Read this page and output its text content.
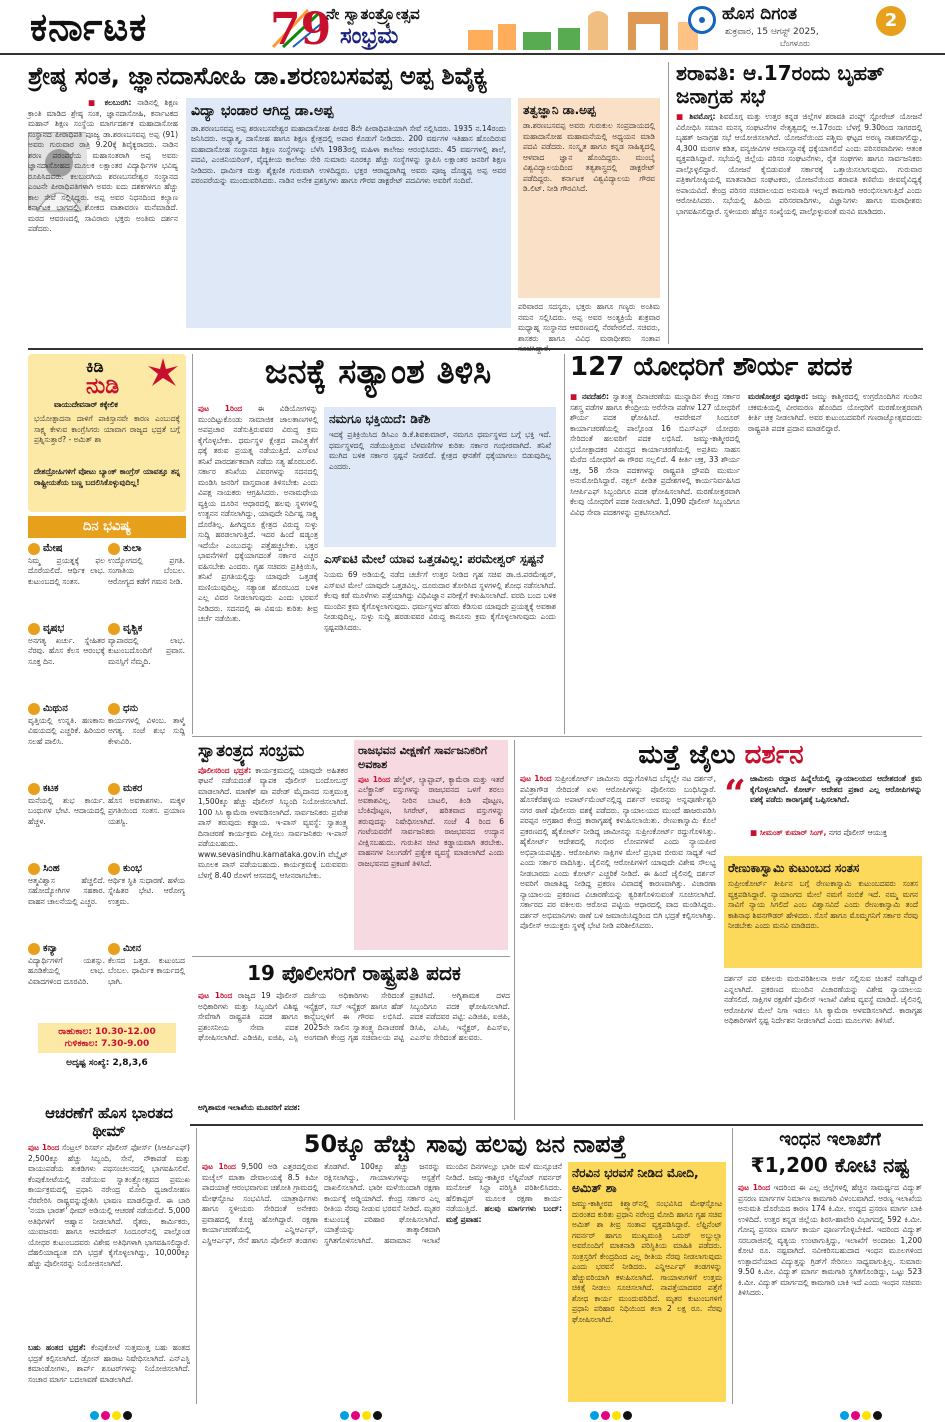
ಕರ್ನಾಟಕ	79
ನೇ ಸ್ವಾತಂತ್ರ್ಯೋತ್ಸವ
ಸಂಭ್ರಮ
ಹೊಸ ದಿಗಂತ
ಶುಕ್ರವಾರ, 15 ಆಗಸ್ಟ್ 2025,
ಬೆಂಗಳೂರು
2
ಶ್ರೇಷ್ಠ ಸಂತ, ಜ್ಞಾನದಾಸೋಹಿ ಡಾ.ಶರಣಬಸವಪ್ಪ ಅಪ್ಪ ಶಿವೈಕ್ಯ
■ ಕಲಬುರಗಿ: ನಾಡಿನಲ್ಲಿ ಶಿಕ್ಷಣ ಕ್ರಾಂತಿ ಮಾಡಿದ ಶ್ರೇಷ್ಠ ಸಂತ, ಜ್ಞಾನದಾಸೋಹಿ, ಕರ್ನಾಟಕದ ಮಹಾನ್ ಶಿಕ್ಷಣ ಸಂಸ್ಥೆಯ ಮಾರ್ಗದರ್ಶಕ ಮಹಾದಾಸೋಹ ಸಂಸ್ಥಾನದ ಪೀಠಾಧಿಪತಿ ಪೂಜ್ಯ ಡಾ.ಶರಣಬಸವಪ್ಪ ಅಪ್ಪ (91) ಅವರು ಗುರುವಾರ ರಾತ್ರಿ 9.20ಕ್ಕೆ ಶಿವೈಕ್ಯರಾದರು. ನಾಡಿನ ಶರಣ ಪರಂಪರೆಯ ಮಹಾಸಂತರಾಗಿ ಅಪ್ಪ ಅವರು ಜ್ಞಾನದಾಸೋಹದ ಮೂಲಕ ಲಕ್ಷಾಂತರ ವಿದ್ಯಾರ್ಥಿಗಳ ಭವಿಷ್ಯ ರೂಪಿಸಿದವರು. ಕಲಬುರಗಿಯ ಶರಣಬಸವೇಶ್ವರ ಸಂಸ್ಥಾನದ ಎಂಟನೇ ಪೀಠಾಧಿಪತಿಗಳಾಗಿ ಅವರು ಐದು ದಶಕಗಳಿಗೂ ಹೆಚ್ಚು ಕಾಲ ಸೇವೆ ಸಲ್ಲಿಸಿದ್ದರು. ಅಪ್ಪ ಅವರ ನಿಧನದಿಂದ ಕಲ್ಯಾಣ ಕರ್ನಾಟಕ ಭಾಗದಲ್ಲಿ ಶೋಕದ ವಾತಾವರಣ ಮನೆಮಾಡಿದೆ. ಮಠದ ಆವರಣದಲ್ಲಿ ಸಾವಿರಾರು ಭಕ್ತರು ಅಂತಿಮ ದರ್ಶನ ಪಡೆದರು.
ವಿದ್ಯಾ ಭಂಡಾರ ಆಗಿದ್ದ ಡಾ.ಅಪ್ಪ
ಡಾ.ಶರಣಬಸವಪ್ಪ ಅಪ್ಪ ಶರಣಬಸವೇಶ್ವರ ಮಹಾದಾಸೋಹ ಪೀಠದ 8ನೇ ಪೀಠಾಧಿಪತಿಯಾಗಿ ಸೇವೆ ಸಲ್ಲಿಸಿದರು. 1935 ನ.14ರಂದು ಜನಿಸಿದರು. ಅಧ್ಯಾತ್ಮ, ದಾಸೋಹ ಹಾಗೂ ಶಿಕ್ಷಣ ಕ್ಷೇತ್ರದಲ್ಲಿ ಅಪಾರ ಕೊಡುಗೆ ನೀಡಿದರು. 200 ವರ್ಷಗಳ ಇತಿಹಾಸ ಹೊಂದಿರುವ ಮಹಾದಾಸೋಹ ಸಂಸ್ಥಾನದ ಶಿಕ್ಷಣ ಸಂಸ್ಥೆಗಳನ್ನು ಬೆಳೆಸಿ 1983ರಲ್ಲಿ ಮಹಿಳಾ ಕಾಲೇಜು ಆರಂಭಿಸಿದರು. 45 ವರ್ಷಗಳಲ್ಲಿ ಶಾಲೆ, ಪದವಿ, ಎಂಜಿನಿಯರಿಂಗ್, ವೈದ್ಯಕೀಯ ಕಾಲೇಜು ಸೇರಿ ಸುಮಾರು ನೂರಕ್ಕೂ ಹೆಚ್ಚು ಸಂಸ್ಥೆಗಳನ್ನು ಸ್ಥಾಪಿಸಿ ಲಕ್ಷಾಂತರ ಜನರಿಗೆ ಶಿಕ್ಷಣ ನೀಡಿದರು. ಧಾರ್ಮಿಕ ಮತ್ತು ಶೈಕ್ಷಣಿಕ ಗುರುವಾಗಿ ಉಳಿದಿದ್ದರು. ಭಕ್ತರ ಆರಾಧ್ಯರಾಗಿದ್ದ ಅವರು ಪೂಜ್ಯ ದೊಡ್ಡಪ್ಪ ಅಪ್ಪ ಅವರ ಪರಂಪರೆಯನ್ನು ಮುಂದುವರಿಸಿದರು. ನಾಡಿನ ಅನೇಕ ಪ್ರಶಸ್ತಿಗಳು ಹಾಗೂ ಗೌರವ ಡಾಕ್ಟರೇಟ್ ಪದವಿಗಳು ಅವರಿಗೆ ಸಂದಿವೆ.
ತತ್ವಜ್ಞಾನಿ ಡಾ.ಅಪ್ಪ
ಡಾ.ಶರಣಬಸವಪ್ಪ ಅವರು ಗುರುಕುಲ ಸಂಪ್ರದಾಯದಲ್ಲಿ ಮಹಾದಾಸೋಹ ಮಹಾಮನೆಯಲ್ಲಿ ಅಧ್ಯಯನ ಮಾಡಿ ಪದವಿ ಪಡೆದರು. ಸಂಸ್ಕೃತ ಹಾಗೂ ಕನ್ನಡ ಸಾಹಿತ್ಯದಲ್ಲಿ ಆಳವಾದ ಜ್ಞಾನ ಹೊಂದಿದ್ದರು. ಮುಂಬೈ ವಿಶ್ವವಿದ್ಯಾಲಯದಿಂದ ತತ್ವಶಾಸ್ತ್ರದಲ್ಲಿ ಡಾಕ್ಟರೇಟ್ ಪಡೆದಿದ್ದರು. ಕರ್ನಾಟಕ ವಿಶ್ವವಿದ್ಯಾಲಯ ಗೌರವ ಡಿ.ಲಿಟ್. ನೀಡಿ ಗೌರವಿಸಿದೆ.
ಪರಿವಾರದ ಸದಸ್ಯರು, ಭಕ್ತರು ಹಾಗೂ ಗಣ್ಯರು ಅಂತಿಮ ನಮನ ಸಲ್ಲಿಸಿದರು. ಅಪ್ಪ ಅವರ ಅಂತ್ಯಕ್ರಿಯೆ ಶುಕ್ರವಾರ ಮಧ್ಯಾಹ್ನ ಸಂಸ್ಥಾನದ ಆವರಣದಲ್ಲಿ ನೆರವೇರಲಿದೆ. ಸಚಿವರು, ಶಾಸಕರು ಹಾಗೂ ವಿವಿಧ ಮಠಾಧೀಶರು ಸಂತಾಪ
ಶರಾವತಿ: ಆ.17ರಂದು ಬೃಹತ್ ಜನಾಗ್ರಹ ಸಭೆ
■ ಶಿವಮೊಗ್ಗ: ಶಿವಮೊಗ್ಗ ಮತ್ತು ಉತ್ತರ ಕನ್ನಡ ಜಿಲ್ಲೆಗಳ ಶರಾವತಿ ಪಂಪ್ಡ್ ಸ್ಟೋರೇಜ್ ಯೋಜನೆ ವಿರೋಧಿಸಿ ಸಮಾನ ಮನಸ್ಕ ಸಂಘಟನೆಗಳ ನೇತೃತ್ವದಲ್ಲಿ ಆ.17ರಂದು ಬೆಳಗ್ಗೆ 9.30ರಿಂದ ಸಾಗರದಲ್ಲಿ ಬೃಹತ್ ಜನಾಗ್ರಹ ಸಭೆ ಆಯೋಜಿಸಲಾಗಿದೆ. ಯೋಜನೆಯಿಂದ ಪಶ್ಚಿಮ ಘಟ್ಟದ ಅರಣ್ಯ ನಾಶವಾಗಲಿದ್ದು, 4,300 ಮರಗಳ ಕಡಿತ, ವನ್ಯಜೀವಿಗಳ ಆವಾಸಸ್ಥಾನಕ್ಕೆ ಧಕ್ಕೆಯಾಗಲಿದೆ ಎಂದು ಪರಿಸರವಾದಿಗಳು ಆತಂಕ ವ್ಯಕ್ತಪಡಿಸಿದ್ದಾರೆ. ಸಭೆಯಲ್ಲಿ ಜಿಲ್ಲೆಯ ಪರಿಸರ ಸಂಘಟನೆಗಳು, ರೈತ ಸಂಘಗಳು ಹಾಗೂ ಸಾರ್ವಜನಿಕರು ಪಾಲ್ಗೊಳ್ಳಲಿದ್ದಾರೆ. ಯೋಜನೆ ಕೈಬಿಡುವಂತೆ ಸರ್ಕಾರಕ್ಕೆ ಒತ್ತಾಯಿಸಲಾಗುವುದು. ಗುರುವಾರ ಪತ್ರಿಕಾಗೋಷ್ಠಿಯಲ್ಲಿ ಮಾತನಾಡಿದ ಸಂಘಟಕರು, ಯೋಜನೆಯಿಂದ ಶರಾವತಿ ಕಣಿವೆಯ ಜೀವವೈವಿಧ್ಯಕ್ಕೆ ಅಪಾಯವಿದೆ. ಕೇಂದ್ರ ಪರಿಸರ ಸಚಿವಾಲಯದ ಅನುಮತಿ ಇಲ್ಲದೆ ಕಾಮಗಾರಿ ಆರಂಭಿಸಲಾಗುತ್ತಿದೆ ಎಂದು ಆರೋಪಿಸಿದರು. ಸಭೆಯಲ್ಲಿ ಹಿರಿಯ ಪರಿಸರವಾದಿಗಳು, ವಿಜ್ಞಾನಿಗಳು ಹಾಗೂ ಮಠಾಧೀಶರು ಭಾಗವಹಿಸಲಿದ್ದಾರೆ. ಸ್ಥಳೀಯರು ಹೆಚ್ಚಿನ ಸಂಖ್ಯೆಯಲ್ಲಿ ಪಾಲ್ಗೊಳ್ಳುವಂತೆ ಮನವಿ ಮಾಡಿದರು.
ಕಿಡಿ
ನುಡಿ
ವಾಯುದೇವನಾರ್ ಕಕ್ಕೇಲಿಕ
ಭಯೋತ್ಪಾದನಾ ದಾಳಿಗೆ ಪಾಕಿಸ್ತಾನವೇ ಕಾರಣ ಎಂಬುದಕ್ಕೆ ಸಾಕ್ಷ್ಯ ಕೇಳುವ ಕಾಂಗ್ರೆಸಿಗರು ಯಾವಾಗ ರಾಜ್ಯದ ಭದ್ರತೆ ಬಗ್ಗೆ ಪ್ರಶ್ನಿಸುತ್ತಾರೆ? - ಅಮಿತ್ ಶಾ
ದೇಶದ್ರೋಹಿಗಳಿಗೆ ವೋಟು ಬ್ಯಾಂಕ್ ಕಾಂಗ್ರೆಸ್ ಯಾವತ್ತೂ ತನ್ನ ರಾಷ್ಟ್ರೀಯತೆಯ ಬಣ್ಣ ಬದಲಿಸಿಕೊಳ್ಳುವುದಿಲ್ಲ!
ದಿನ ಭವಿಷ್ಯ
ಮೇಷ
ನಿಮ್ಮ ಪ್ರಯತ್ನಕ್ಕೆ ಫಲ ದೊರೆಯಲಿದೆ. ಆರ್ಥಿಕ ಲಾಭ. ಕುಟುಂಬದಲ್ಲಿ ಸಂತಸ.
ತುಲಾ
ಉದ್ಯೋಗದಲ್ಲಿ ಪ್ರಗತಿ. ಸಂಗಾತಿಯ ಬೆಂಬಲ. ಆರೋಗ್ಯದ ಕಡೆಗೆ ಗಮನ ನೀಡಿ.
ವೃಷಭ
ಅನಗತ್ಯ ಖರ್ಚು. ಸ್ನೇಹಿತರ ನೆರವು. ಹೊಸ ಕೆಲಸ ಆರಂಭಕ್ಕೆ ಸೂಕ್ತ ದಿನ.
ವೃಶ್ಚಿಕ
ವ್ಯಾಪಾರದಲ್ಲಿ ಲಾಭ. ಕುಟುಂಬದೊಂದಿಗೆ ಪ್ರವಾಸ. ಮನಸ್ಸಿಗೆ ನೆಮ್ಮದಿ.
ಮಿಥುನ
ವೃತ್ತಿಯಲ್ಲಿ ಉನ್ನತಿ. ಹಣಕಾಸು ವಿಷಯದಲ್ಲಿ ಎಚ್ಚರಿಕೆ. ಹಿರಿಯರ ಸಲಹೆ ಪಾಲಿಸಿ.
ಧನು
ಕಾರ್ಯಗಳಲ್ಲಿ ವಿಳಂಬ. ತಾಳ್ಮೆ ಅಗತ್ಯ. ಸಂಜೆ ಶುಭ ಸುದ್ದಿ ಕೇಳುವಿರಿ.
ಕಟಕ
ಮನೆಯಲ್ಲಿ ಶುಭ ಕಾರ್ಯ. ಬಂಧುಗಳ ಭೇಟಿ. ಆದಾಯದಲ್ಲಿ ಹೆಚ್ಚಳ.
ಮಕರ
ಹೊಸ ಅವಕಾಶಗಳು. ಮಕ್ಕಳ ಪ್ರಗತಿಯಿಂದ ಸಂತಸ. ಪ್ರಯಾಣ ಯಶಸ್ವಿ.
ಸಿಂಹ
ಆತ್ಮವಿಶ್ವಾಸ ಹೆಚ್ಚಲಿದೆ. ಸಹೋದ್ಯೋಗಿಗಳ ಸಹಕಾರ. ವಾಹನ ಚಾಲನೆಯಲ್ಲಿ ಎಚ್ಚರ.
ಕುಂಭ
ಆರ್ಥಿಕ ಸ್ಥಿತಿ ಸುಧಾರಣೆ. ಹಳೆಯ ಸ್ನೇಹಿತರ ಭೇಟಿ. ಆರೋಗ್ಯ ಉತ್ತಮ.
ಕನ್ಯಾ
ವಿದ್ಯಾರ್ಥಿಗಳಿಗೆ ಯಶಸ್ಸು. ಹೂಡಿಕೆಯಲ್ಲಿ ಲಾಭ. ವಿವಾದಗಳಿಂದ ದೂರವಿರಿ.
ಮೀನ
ಕೆಲಸದ ಒತ್ತಡ. ಕುಟುಂಬದ ಬೆಂಬಲ. ಧಾರ್ಮಿಕ ಕಾರ್ಯದಲ್ಲಿ ಭಾಗಿ.
ರಾಹುಕಾಲ: 10.30-12.00
ಗುಳಿಕಕಾಲ: 7.30-9.00
ಅದೃಷ್ಟ ಸಂಖ್ಯೆ: 2,8,3,6
ಜನಕ್ಕೆ ಸತ್ಯಾಂಶ ತಿಳಿಸಿ
ಪುಟ 1ರಿಂದ ಈ ವಿಡಿಯೋಗಳನ್ನು ಮುಂದಿಟ್ಟುಕೊಂಡು ಸಾಮಾಜಿಕ ಜಾಲತಾಣಗಳಲ್ಲಿ ಅಪಪ್ರಚಾರ ನಡೆಸುತ್ತಿರುವವರ ವಿರುದ್ಧ ಕ್ರಮ ಕೈಗೊಳ್ಳಬೇಕು. ಧರ್ಮಸ್ಥಳ ಕ್ಷೇತ್ರದ ಪಾವಿತ್ರ್ಯತೆಗೆ ಧಕ್ಕೆ ತರುವ ಪ್ರಯತ್ನ ನಡೆಯುತ್ತಿದೆ. ಎಸ್ಐಟಿ ತನಿಖೆ ಪಾರದರ್ಶಕವಾಗಿ ನಡೆದು ಸತ್ಯ ಹೊರಬರಲಿ. ಸರ್ಕಾರ ತನಿಖೆಯ ವಿವರಗಳನ್ನು ಸದನದಲ್ಲಿ ಮಂಡಿಸಿ ಜನರಿಗೆ ವಾಸ್ತವಾಂಶ ತಿಳಿಸಬೇಕು ಎಂದು ವಿಪಕ್ಷ ನಾಯಕರು ಆಗ್ರಹಿಸಿದರು. ಅನಾಮಧೇಯ ವ್ಯಕ್ತಿಯ ದೂರಿನ ಆಧಾರದಲ್ಲಿ ಹಲವು ಸ್ಥಳಗಳಲ್ಲಿ ಉತ್ಖನನ ನಡೆಸಲಾಗಿದ್ದು, ಯಾವುದೇ ನಿರ್ದಿಷ್ಟ ಸಾಕ್ಷ್ಯ ದೊರೆತಿಲ್ಲ. ಹೀಗಿದ್ದರೂ ಕ್ಷೇತ್ರದ ವಿರುದ್ಧ ಸುಳ್ಳು ಸುದ್ದಿ ಹರಡಲಾಗುತ್ತಿದೆ. ಇದರ ಹಿಂದೆ ಷಡ್ಯಂತ್ರ ಇದೆಯೇ ಎಂಬುದನ್ನು ಪತ್ತೆಹಚ್ಚಬೇಕು. ಭಕ್ತರ ಭಾವನೆಗಳಿಗೆ ಧಕ್ಕೆಯಾಗದಂತೆ ಸರ್ಕಾರ ಎಚ್ಚರ ವಹಿಸಬೇಕು ಎಂದರು. ಗೃಹ ಸಚಿವರು ಪ್ರತಿಕ್ರಿಯಿಸಿ, ತನಿಖೆ ಪ್ರಗತಿಯಲ್ಲಿದ್ದು ಯಾವುದೇ ಒತ್ತಡಕ್ಕೆ ಮಣಿಯುವುದಿಲ್ಲ. ಸತ್ಯಾಂಶ ಹೊರಬಂದ ಬಳಿಕ ಎಲ್ಲ ವಿವರ ನೀಡಲಾಗುವುದು ಎಂದು ಭರವಸೆ ನೀಡಿದರು. ಸದನದಲ್ಲಿ ಈ ವಿಷಯ ಕುರಿತು ತೀವ್ರ ಚರ್ಚೆ ನಡೆಯಿತು.
ನಮಗೂ ಭಕ್ತಿಯಿದೆ: ಡಿಕೆಶಿ
ಇದಕ್ಕೆ ಪ್ರತಿಕ್ರಿಯಿಸಿದ ಡಿಸಿಎಂ ಡಿ.ಕೆ.ಶಿವಕುಮಾರ್, ನಮಗೂ ಧರ್ಮಸ್ಥಳದ ಬಗ್ಗೆ ಭಕ್ತಿ ಇದೆ. ಧರ್ಮಸ್ಥಳದಲ್ಲಿ ನಡೆಯುತ್ತಿರುವ ಬೆಳವಣಿಗೆಗಳ ಕುರಿತು ಸರ್ಕಾರ ಗಂಭೀರವಾಗಿದೆ. ತನಿಖೆ ಮುಗಿದ ಬಳಿಕ ಸರ್ಕಾರ ಸ್ಪಷ್ಟನೆ ನೀಡಲಿದೆ. ಕ್ಷೇತ್ರದ ಘನತೆಗೆ ಧಕ್ಕೆಯಾಗಲು ಬಿಡುವುದಿಲ್ಲ ಎಂದರು.
ಎಸ್ಐಟಿ ಮೇಲೆ ಯಾವ ಒತ್ತಡವಿಲ್ಲ: ಪರಮೇಶ್ವರ್ ಸ್ಪಷ್ಟನೆ
ನಿಯಮ 69 ಅಡಿಯಲ್ಲಿ ನಡೆದ ಚರ್ಚೆಗೆ ಉತ್ತರ ನೀಡಿದ ಗೃಹ ಸಚಿವ ಡಾ.ಜಿ.ಪರಮೇಶ್ವರ್, ಎಸ್ಐಟಿ ಮೇಲೆ ಯಾವುದೇ ಒತ್ತಡವಿಲ್ಲ. ದೂರುದಾರ ತೋರಿಸಿದ ಸ್ಥಳಗಳಲ್ಲಿ ಶೋಧ ನಡೆಸಲಾಗಿದೆ. ಕೆಲವು ಕಡೆ ಮೂಳೆಗಳು ಪತ್ತೆಯಾಗಿದ್ದು ವಿಧಿವಿಜ್ಞಾನ ಪರೀಕ್ಷೆಗೆ ಕಳುಹಿಸಲಾಗಿದೆ. ವರದಿ ಬಂದ ಬಳಿಕ ಮುಂದಿನ ಕ್ರಮ ಕೈಗೊಳ್ಳಲಾಗುವುದು. ಧರ್ಮಸ್ಥಳದ ಹೆಸರು ಕೆಡಿಸುವ ಯಾವುದೇ ಪ್ರಯತ್ನಕ್ಕೆ ಅವಕಾಶ ನೀಡುವುದಿಲ್ಲ. ಸುಳ್ಳು ಸುದ್ದಿ ಹರಡುವವರ ವಿರುದ್ಧ ಕಾನೂನು ಕ್ರಮ ಕೈಗೊಳ್ಳಲಾಗುವುದು ಎಂದು ಸ್ಪಷ್ಟಪಡಿಸಿದರು.
127 ಯೋಧರಿಗೆ ಶೌರ್ಯ ಪದಕ
■ ನವದೆಹಲಿ: ಸ್ವಾತಂತ್ರ್ಯ ದಿನಾಚರಣೆಯ ಮುನ್ನಾದಿನ ಕೇಂದ್ರ ಸರ್ಕಾರ ಸಶಸ್ತ್ರ ಪಡೆಗಳ ಹಾಗೂ ಕೇಂದ್ರೀಯ ಅರೆಸೇನಾ ಪಡೆಗಳ 127 ಯೋಧರಿಗೆ ಶೌರ್ಯ ಪದಕ ಘೋಷಿಸಿದೆ. ಆಪರೇಷನ್ ಸಿಂದೂರ್ ಕಾರ್ಯಾಚರಣೆಯಲ್ಲಿ ಪಾಲ್ಗೊಂಡ 16 ಬಿಎಸ್ಎಫ್ ಯೋಧರು ಸೇರಿದಂತೆ ಹಲವರಿಗೆ ಪದಕ ಲಭಿಸಿದೆ. ಜಮ್ಮು-ಕಾಶ್ಮೀರದಲ್ಲಿ ಭಯೋತ್ಪಾದಕರ ವಿರುದ್ಧದ ಕಾರ್ಯಾಚರಣೆಯಲ್ಲಿ ಅಪ್ರತಿಮ ಸಾಹಸ ಮೆರೆದ ಯೋಧರಿಗೆ ಈ ಗೌರವ ಸಲ್ಲಲಿದೆ. 4 ಕೀರ್ತಿ ಚಕ್ರ, 33 ಶೌರ್ಯ ಚಕ್ರ, 58 ಸೇನಾ ಪದಕಗಳನ್ನು ರಾಷ್ಟ್ರಪತಿ ದ್ರೌಪದಿ ಮುರ್ಮು ಅನುಮೋದಿಸಿದ್ದಾರೆ. ನಕ್ಸಲ್ ಪೀಡಿತ ಪ್ರದೇಶಗಳಲ್ಲಿ ಕಾರ್ಯನಿರ್ವಹಿಸಿದ ಸಿಆರ್ಪಿಎಫ್ ಸಿಬ್ಬಂದಿಗೂ ಪದಕ ಘೋಷಿಸಲಾಗಿದೆ. ಮರಣೋತ್ತರವಾಗಿ ಕೆಲವು ಯೋಧರಿಗೆ ಪದಕ ನೀಡಲಾಗಿದೆ. 1,090 ಪೊಲೀಸ್ ಸಿಬ್ಬಂದಿಗೂ ವಿವಿಧ ಸೇವಾ ಪದಕಗಳನ್ನು ಪ್ರಕಟಿಸಲಾಗಿದೆ.
ಮರಣೋತ್ತರ ಪುರಸ್ಕಾರ: ಜಮ್ಮು ಕಾಶ್ಮೀರದಲ್ಲಿ ಉಗ್ರರೊಂದಿಗಿನ ಗುಂಡಿನ ಚಕಮಕಿಯಲ್ಲಿ ವೀರಮರಣ ಹೊಂದಿದ ಯೋಧರಿಗೆ ಮರಣೋತ್ತರವಾಗಿ ಕೀರ್ತಿ ಚಕ್ರ ನೀಡಲಾಗಿದೆ. ಅವರ ಕುಟುಂಬದವರಿಗೆ ಗಣರಾಜ್ಯೋತ್ಸವದಂದು ರಾಷ್ಟ್ರಪತಿ ಪದಕ ಪ್ರದಾನ ಮಾಡಲಿದ್ದಾರೆ.
ಸ್ವಾತಂತ್ರ್ಯದ ಸಂಭ್ರಮ
ಪೊಲೀಸರಿಂದ ಭದ್ರತೆ: ಕಾರ್ಯಕ್ರಮದಲ್ಲಿ ಯಾವುದೇ ಅಹಿತಕರ ಘಟನೆ ನಡೆಯದಂತೆ ವ್ಯಾಪಕ ಪೊಲೀಸ್ ಬಂದೋಬಸ್ತ್ ಮಾಡಲಾಗಿದೆ. ಮಾಣೆಕ್ ಷಾ ಪರೇಡ್ ಮೈದಾನದ ಸುತ್ತಮುತ್ತ 1,500ಕ್ಕೂ ಹೆಚ್ಚು ಪೊಲೀಸ್ ಸಿಬ್ಬಂದಿ ನಿಯೋಜಿಸಲಾಗಿದೆ. 100 ಸಿಸಿ ಕ್ಯಾಮೆರಾ ಅಳವಡಿಸಲಾಗಿದೆ. ಸಾರ್ವಜನಿಕರು ಪ್ರವೇಶ ಪಾಸ್ ತರುವುದು ಕಡ್ಡಾಯ. ಇ-ಪಾಸ್ ವ್ಯವಸ್ಥೆ: ಸ್ವಾತಂತ್ರ್ಯ ದಿನಾಚರಣೆ ಕಾರ್ಯಕ್ರಮ ವೀಕ್ಷಿಸಲು ಸಾರ್ವಜನಿಕರು ಇ-ಪಾಸ್ ಪಡೆಯಬಹುದು. www.sevasindhu.karnataka.gov.in ವೆಬ್ಸೈಟ್ ಮೂಲಕ ಪಾಸ್ ಪಡೆಯಬಹುದು. ಕಾರ್ಯಕ್ರಮಕ್ಕೆ ಬರುವವರು ಬೆಳಗ್ಗೆ 8.40 ರೊಳಗೆ ಆಸನದಲ್ಲಿ ಆಸೀನರಾಗಬೇಕು.
ರಾಜಭವನ ವೀಕ್ಷಣೆಗೆ ಸಾರ್ವಜನಿಕರಿಗೆ ಅವಕಾಶ
ಪುಟ 1ರಿಂದ ಹೆಲ್ಮೆಟ್, ಲ್ಯಾಪ್ಟಾಪ್, ಕ್ಯಾಮೆರಾ ಮತ್ತು ಇತರೆ ಎಲೆಕ್ಟ್ರಾನಿಕ್ ವಸ್ತುಗಳನ್ನು ರಾಜಭವನದ ಒಳಗೆ ತರಲು ಅವಕಾಶವಿಲ್ಲ. ನೀರಿನ ಬಾಟಲಿ, ತಿಂಡಿ ಪೊಟ್ಟಣ, ಬೆಂಕಿಪೊಟ್ಟಣ, ಸಿಗರೇಟ್, ಹರಿತವಾದ ವಸ್ತುಗಳನ್ನು ತರುವುದನ್ನು ನಿಷೇಧಿಸಲಾಗಿದೆ. ಸಂಜೆ 4 ರಿಂದ 6 ಗಂಟೆಯವರೆಗೆ ಸಾರ್ವಜನಿಕರು ರಾಜಭವನದ ಉದ್ಯಾನ ವೀಕ್ಷಿಸಬಹುದು. ಗುರುತಿನ ಚೀಟಿ ಕಡ್ಡಾಯವಾಗಿ ತರಬೇಕು. ವಾಹನಗಳ ನಿಲುಗಡೆಗೆ ಪ್ರತ್ಯೇಕ ವ್ಯವಸ್ಥೆ ಮಾಡಲಾಗಿದೆ ಎಂದು ರಾಜಭವನದ ಪ್ರಕಟಣೆ ತಿಳಿಸಿದೆ.
ಮತ್ತೆ ಜೈಲು ದರ್ಶನ
ಪುಟ 1ರಿಂದ ಸುಪ್ರೀಂಕೋರ್ಟ್ ಜಾಮೀನು ರದ್ದುಗೊಳಿಸಿದ ಬೆನ್ನಲ್ಲೇ ನಟ ದರ್ಶನ್, ಪವಿತ್ರಾಗೌಡ ಸೇರಿದಂತೆ ಏಳು ಆರೋಪಿಗಳನ್ನು ಪೊಲೀಸರು ಬಂಧಿಸಿದ್ದಾರೆ. ಹೊಸಕೆರೆಹಳ್ಳಿಯ ಅಪಾರ್ಟ್‌ಮೆಂಟ್‌ನಲ್ಲಿದ್ದ ದರ್ಶನ್ ಅವರನ್ನು ಅನ್ನಪೂರ್ಣೇಶ್ವರಿ ನಗರ ಠಾಣೆ ಪೊಲೀಸರು ವಶಕ್ಕೆ ಪಡೆದರು. ನ್ಯಾಯಾಲಯದ ಮುಂದೆ ಹಾಜರುಪಡಿಸಿ ಪರಪ್ಪನ ಅಗ್ರಹಾರ ಕೇಂದ್ರ ಕಾರಾಗೃಹಕ್ಕೆ ಕಳುಹಿಸಲಾಯಿತು. ರೇಣುಕಾಸ್ವಾಮಿ ಕೊಲೆ ಪ್ರಕರಣದಲ್ಲಿ ಹೈಕೋರ್ಟ್ ನೀಡಿದ್ದ ಜಾಮೀನನ್ನು ಸುಪ್ರೀಂಕೋರ್ಟ್ ರದ್ದುಗೊಳಿಸಿತ್ತು. ಹೈಕೋರ್ಟ್ ಆದೇಶದಲ್ಲಿ ಗಂಭೀರ ಲೋಪಗಳಿವೆ ಎಂದು ನ್ಯಾಯಪೀಠ ಅಭಿಪ್ರಾಯಪಟ್ಟಿತ್ತು. ಆರೋಪಿಗಳು ಸಾಕ್ಷಿಗಳ ಮೇಲೆ ಪ್ರಭಾವ ಬೀರುವ ಸಾಧ್ಯತೆ ಇದೆ ಎಂದು ಸರ್ಕಾರ ವಾದಿಸಿತ್ತು. ಜೈಲಿನಲ್ಲಿ ಆರೋಪಿಗಳಿಗೆ ಯಾವುದೇ ವಿಶೇಷ ಸೌಲಭ್ಯ ನೀಡಬಾರದು ಎಂದು ಕೋರ್ಟ್ ಎಚ್ಚರಿಕೆ ನೀಡಿದೆ. ಈ ಹಿಂದೆ ಜೈಲಿನಲ್ಲಿ ದರ್ಶನ್ ಅವರಿಗೆ ರಾಜಾತಿಥ್ಯ ನೀಡಿದ್ದ ಪ್ರಕರಣ ವಿವಾದಕ್ಕೆ ಕಾರಣವಾಗಿತ್ತು. ವಿಚಾರಣಾ ನ್ಯಾಯಾಲಯ ಪ್ರಕರಣದ ವಿಚಾರಣೆಯನ್ನು ತ್ವರಿತಗೊಳಿಸುವಂತೆ ಸೂಚಿಸಲಾಗಿದೆ. ಸರ್ಕಾರದ ಪರ ವಕೀಲರು ಆರೋಪ ಪಟ್ಟಿಯ ಆಧಾರದಲ್ಲಿ ವಾದ ಮಂಡಿಸಿದ್ದರು. ದರ್ಶನ್ ಅಭಿಮಾನಿಗಳು ಠಾಣೆ ಬಳಿ ಜಮಾಯಿಸಿದ್ದರಿಂದ ಬಿಗಿ ಭದ್ರತೆ ಕಲ್ಪಿಸಲಾಗಿತ್ತು. ಪೊಲೀಸ್ ಆಯುಕ್ತರು ಸ್ಥಳಕ್ಕೆ ಭೇಟಿ ನೀಡಿ ಪರಿಶೀಲಿಸಿದರು.
“ ಜಾಮೀನು ರದ್ದಾದ ಹಿನ್ನೆಲೆಯಲ್ಲಿ ನ್ಯಾಯಾಲಯದ ಆದೇಶದಂತೆ ಕ್ರಮ ಕೈಗೊಳ್ಳಲಾಗಿದೆ. ಕೋರ್ಟ್ ಆದೇಶದ ಪ್ರಕಾರ ಎಲ್ಲ ಆರೋಪಿಗಳನ್ನು ವಶಕ್ಕೆ ಪಡೆದು ಕಾರಾಗೃಹಕ್ಕೆ ಒಪ್ಪಿಸಲಾಗಿದೆ.
■ ಸೀಮಂತ್ ಕುಮಾರ್ ಸಿಂಗ್, ನಗರ ಪೊಲೀಸ್ ಆಯುಕ್ತ
ರೇಣುಕಾಸ್ವಾಮಿ ಕುಟುಂಬದ ಸಂತಸ
ಸುಪ್ರೀಂಕೋರ್ಟ್ ತೀರ್ಪಿನ ಬಗ್ಗೆ ರೇಣುಕಾಸ್ವಾಮಿ ಕುಟುಂಬದವರು ಸಂತಸ ವ್ಯಕ್ತಪಡಿಸಿದ್ದಾರೆ. ನ್ಯಾಯಾಂಗದ ಮೇಲೆ ನಮಗೆ ನಂಬಿಕೆ ಇದೆ. ನಮ್ಮ ಮಗನ ಸಾವಿಗೆ ನ್ಯಾಯ ಸಿಗಲಿದೆ ಎಂಬ ವಿಶ್ವಾಸವಿದೆ ಎಂದು ರೇಣುಕಾಸ್ವಾಮಿ ತಂದೆ ಕಾಶಿನಾಥ ಶಿವನಗೌಡರ್ ಹೇಳಿದರು. ಸೊಸೆ ಹಾಗೂ ಮೊಮ್ಮಗನಿಗೆ ಸರ್ಕಾರ ನೆರವು ನೀಡಬೇಕು ಎಂದು ಮನವಿ ಮಾಡಿದರು.
ದರ್ಶನ್ ಪರ ವಕೀಲರು ಮರುಪರಿಶೀಲನಾ ಅರ್ಜಿ ಸಲ್ಲಿಸುವ ಚಿಂತನೆ ನಡೆಸಿದ್ದಾರೆ ಎನ್ನಲಾಗಿದೆ. ಪ್ರಕರಣದ ಮುಂದಿನ ವಿಚಾರಣೆಯನ್ನು ವಿಶೇಷ ನ್ಯಾಯಾಲಯ ನಡೆಸಲಿದೆ. ಸಾಕ್ಷಿಗಳ ರಕ್ಷಣೆಗೆ ಪೊಲೀಸ್ ಇಲಾಖೆ ವಿಶೇಷ ವ್ಯವಸ್ಥೆ ಮಾಡಿದೆ. ಜೈಲಿನಲ್ಲಿ ಆರೋಪಿಗಳ ಮೇಲೆ ನಿಗಾ ಇಡಲು ಸಿಸಿ ಕ್ಯಾಮೆರಾ ಅಳವಡಿಸಲಾಗಿದೆ. ಕಾರಾಗೃಹ ಅಧಿಕಾರಿಗಳಿಗೆ ಸ್ಪಷ್ಟ ನಿರ್ದೇಶನ ನೀಡಲಾಗಿದೆ ಎಂದು ಮೂಲಗಳು ತಿಳಿಸಿವೆ.
19 ಪೊಲೀಸರಿಗೆ ರಾಷ್ಟ್ರಪತಿ ಪದಕ
ಪುಟ 1ರಿಂದ ರಾಜ್ಯದ 19 ಪೊಲೀಸ್ ಅಧಿಕಾರಿಗಳು ಮತ್ತು ಸಿಬ್ಬಂದಿಗೆ ವಿಶಿಷ್ಟ ಸೇವೆಗಾಗಿ ರಾಷ್ಟ್ರಪತಿ ಪದಕ ಹಾಗೂ ಪ್ರಶಂಸನೀಯ ಸೇವಾ ಪದಕ ಘೋಷಿಸಲಾಗಿದೆ. ಎಡಿಜಿಪಿ, ಐಜಿಪಿ, ಎಸ್ಪಿ ದರ್ಜೆಯ ಅಧಿಕಾರಿಗಳು ಸೇರಿದಂತೆ ಇನ್ಸ್ಪೆಕ್ಟರ್, ಸಬ್ ಇನ್ಸ್ಪೆಕ್ಟರ್ ಹಾಗೂ ಹೆಡ್ ಕಾನ್ಸ್ಟೆಬಲ್ಗಳಿಗೆ ಈ ಗೌರವ ಲಭಿಸಿದೆ. 2025ನೇ ಸಾಲಿನ ಸ್ವಾತಂತ್ರ್ಯ ದಿನಾಚರಣೆ ಅಂಗವಾಗಿ ಕೇಂದ್ರ ಗೃಹ ಸಚಿವಾಲಯ ಪಟ್ಟಿ ಪ್ರಕಟಿಸಿದೆ. ಅಗ್ನಿಶಾಮಕ ದಳದ ಸಿಬ್ಬಂದಿಗೂ ಪದಕ ಘೋಷಿಸಲಾಗಿದೆ. ಪದಕ ಪಡೆದವರ ಪಟ್ಟಿ: ಎಡಿಜಿಪಿ, ಐಜಿಪಿ, ಡಿಸಿಪಿ, ಎಸಿಪಿ, ಇನ್ಸ್ಪೆಕ್ಟರ್, ಪಿಎಸ್ಐ, ಎಎಸ್ಐ ಸೇರಿದಂತೆ ಹಲವರು.
ಅಗ್ನಿಶಾಮಕ ಇಲಾಖೆಯ ಮೂವರಿಗೆ ಪದಕ:
ಆಚರಣೆಗೆ ಹೊಸ ಭಾರತದ ಥೀಮ್
ಪುಟ 1ರಿಂದ ಸೆಂಟ್ರಲ್ ರಿಸರ್ವ್ ಪೊಲೀಸ್ ಫೋರ್ಸ್ (ಸಿಆರ್ಪಿಎಫ್) 2,500ಕ್ಕೂ ಹೆಚ್ಚು ಸಿಬ್ಬಂದಿ, ಸೇನೆ, ನೌಕಾಪಡೆ ಮತ್ತು ವಾಯುಪಡೆಯ ತುಕಡಿಗಳು ಪಥಸಂಚಲನದಲ್ಲಿ ಭಾಗವಹಿಸಲಿವೆ. ಕೆಂಪುಕೋಟೆಯಲ್ಲಿ ನಡೆಯುವ ಸ್ವಾತಂತ್ರ್ಯೋತ್ಸವದ ಪ್ರಮುಖ ಕಾರ್ಯಕ್ರಮದಲ್ಲಿ ಪ್ರಧಾನಿ ನರೇಂದ್ರ ಮೋದಿ ಧ್ವಜಾರೋಹಣ ನೆರವೇರಿಸಿ ರಾಷ್ಟ್ರವನ್ನುದ್ದೇಶಿಸಿ ಭಾಷಣ ಮಾಡಲಿದ್ದಾರೆ. ಈ ಬಾರಿ 'ನಯಾ ಭಾರತ್' ಥೀಮ್ ಅಡಿಯಲ್ಲಿ ಆಚರಣೆ ನಡೆಯಲಿದೆ. 5,000 ಅತಿಥಿಗಳಿಗೆ ಆಹ್ವಾನ ನೀಡಲಾಗಿದೆ. ರೈತರು, ಕಾರ್ಮಿಕರು, ಯುವಜನರು ಹಾಗೂ ಆಪರೇಷನ್ ಸಿಂದೂರ್‌ನಲ್ಲಿ ಪಾಲ್ಗೊಂಡ ಯೋಧರ ಕುಟುಂಬದವರು ವಿಶೇಷ ಅತಿಥಿಗಳಾಗಿ ಭಾಗವಹಿಸಲಿದ್ದಾರೆ. ದೆಹಲಿಯಾದ್ಯಂತ ಬಿಗಿ ಭದ್ರತೆ ಕೈಗೊಳ್ಳಲಾಗಿದ್ದು, 10,000ಕ್ಕೂ ಹೆಚ್ಚು ಪೊಲೀಸರನ್ನು ನಿಯೋಜಿಸಲಾಗಿದೆ.
ಬಹು ಹಂತದ ಭದ್ರತೆ: ಕೆಂಪುಕೋಟೆ ಸುತ್ತಮುತ್ತ ಬಹು ಹಂತದ ಭದ್ರತೆ ಕಲ್ಪಿಸಲಾಗಿದೆ. ಡ್ರೋನ್ ಹಾರಾಟ ನಿಷೇಧಿಸಲಾಗಿದೆ. ಎನ್ಎಸ್ಜಿ ಕಮಾಂಡೋಗಳು, ಶಾರ್ಪ್ ಶೂಟರ್‌ಗಳನ್ನು ನಿಯೋಜಿಸಲಾಗಿದೆ. ಸಂಚಾರ ಮಾರ್ಗ ಬದಲಾವಣೆ ಮಾಡಲಾಗಿದೆ.
50ಕ್ಕೂ ಹೆಚ್ಚು ಸಾವು ಹಲವು ಜನ ನಾಪತ್ತೆ
ಪುಟ 1ರಿಂದ 9,500 ಅಡಿ ಎತ್ತರದಲ್ಲಿರುವ ಮಚೈಲ್ ಮಾತಾ ದೇವಾಲಯಕ್ಕೆ 8.5 ಕಿಮೀ ಪಾದಯಾತ್ರೆ ಆರಂಭವಾಗುವ ಚಶೋತಿ ಗ್ರಾಮದಲ್ಲಿ ಮೇಘಸ್ಫೋಟ ಸಂಭವಿಸಿದೆ. ಯಾತ್ರಾರ್ಥಿಗಳು ಹಾಗೂ ಸ್ಥಳೀಯರು ಸೇರಿದಂತೆ ಅನೇಕರು ಪ್ರವಾಹದಲ್ಲಿ ಕೊಚ್ಚಿ ಹೋಗಿದ್ದಾರೆ. ರಕ್ಷಣಾ ಕಾರ್ಯಾಚರಣೆಯಲ್ಲಿ ಎನ್ಡಿಆರ್ಎಫ್, ಎಸ್ಡಿಆರ್ಎಫ್, ಸೇನೆ ಹಾಗೂ ಪೊಲೀಸ್ ತಂಡಗಳು ತೊಡಗಿವೆ. 100ಕ್ಕೂ ಹೆಚ್ಚು ಜನರನ್ನು ರಕ್ಷಿಸಲಾಗಿದ್ದು, ಗಾಯಾಳುಗಳನ್ನು ಆಸ್ಪತ್ರೆಗೆ ದಾಖಲಿಸಲಾಗಿದೆ. ಭಾರೀ ಮಳೆಯಿಂದಾಗಿ ರಕ್ಷಣಾ ಕಾರ್ಯಕ್ಕೆ ಅಡ್ಡಿಯಾಗಿದೆ. ಕೇಂದ್ರ ಸರ್ಕಾರ ಎಲ್ಲ ರೀತಿಯ ನೆರವು ನೀಡುವ ಭರವಸೆ ನೀಡಿದೆ. ಮೃತರ ಕುಟುಂಬಕ್ಕೆ ಪರಿಹಾರ ಘೋಷಿಸಲಾಗಿದೆ. ಯಾತ್ರೆಯನ್ನು ತಾತ್ಕಾಲಿಕವಾಗಿ ಸ್ಥಗಿತಗೊಳಿಸಲಾಗಿದೆ. ಹವಾಮಾನ ಇಲಾಖೆ ಮುಂದಿನ ದಿನಗಳಲ್ಲೂ ಭಾರೀ ಮಳೆ ಮುನ್ಸೂಚನೆ ನೀಡಿದೆ. ಜಮ್ಮು-ಕಾಶ್ಮೀರ ಲೆಫ್ಟಿನೆಂಟ್ ಗವರ್ನರ್ ಮನೋಜ್ ಸಿನ್ಹಾ ಪರಿಸ್ಥಿತಿ ಪರಿಶೀಲಿಸಿದರು. ಹೆಲಿಕಾಪ್ಟರ್ ಮೂಲಕ ರಕ್ಷಣಾ ಕಾರ್ಯ ನಡೆಯುತ್ತಿದೆ. ಹಲವು ಮಾರ್ಗಗಳು ಬಂದ್: ಮತ್ತೆ ಪ್ರವಾಹ:
ನೆರವಿನ ಭರವಸೆ ನೀಡಿದ ಮೋದಿ, ಅಮಿತ್ ಶಾ
ಜಮ್ಮು-ಕಾಶ್ಮೀರದ ಕಿಶ್ತ್ವಾರ್‌ನಲ್ಲಿ ಸಂಭವಿಸಿದ ಮೇಘಸ್ಫೋಟ ದುರಂತದ ಕುರಿತು ಪ್ರಧಾನಿ ನರೇಂದ್ರ ಮೋದಿ ಹಾಗೂ ಗೃಹ ಸಚಿವ ಅಮಿತ್ ಶಾ ತೀವ್ರ ಸಂತಾಪ ವ್ಯಕ್ತಪಡಿಸಿದ್ದಾರೆ. ಲೆಫ್ಟಿನೆಂಟ್ ಗವರ್ನರ್ ಹಾಗೂ ಮುಖ್ಯಮಂತ್ರಿ ಒಮರ್ ಅಬ್ದುಲ್ಲಾ ಅವರೊಂದಿಗೆ ಮಾತನಾಡಿ ಪರಿಸ್ಥಿತಿಯ ಮಾಹಿತಿ ಪಡೆದರು. ಸಂತ್ರಸ್ತರಿಗೆ ಕೇಂದ್ರದಿಂದ ಎಲ್ಲ ರೀತಿಯ ನೆರವು ನೀಡಲಾಗುವುದು ಎಂದು ಭರವಸೆ ನೀಡಿದರು. ಎನ್ಡಿಆರ್ಎಫ್ ತಂಡಗಳನ್ನು ಹೆಚ್ಚುವರಿಯಾಗಿ ಕಳುಹಿಸಲಾಗಿದೆ. ಗಾಯಾಳುಗಳಿಗೆ ಉತ್ತಮ ಚಿಕಿತ್ಸೆ ನೀಡಲು ಸೂಚಿಸಲಾಗಿದೆ. ನಾಪತ್ತೆಯಾದವರ ಪತ್ತೆಗೆ ಶೋಧ ಕಾರ್ಯ ಮುಂದುವರಿದಿದೆ. ಮೃತರ ಕುಟುಂಬಗಳಿಗೆ ಪ್ರಧಾನಿ ಪರಿಹಾರ ನಿಧಿಯಿಂದ ತಲಾ 2 ಲಕ್ಷ ರೂ. ನೆರವು ಘೋಷಿಸಲಾಗಿದೆ.
ಇಂಧನ ಇಲಾಖೆಗೆ
₹1,200 ಕೋಟಿ ನಷ್ಟ
ಪುಟ 1ರಿಂದ ಇದರಿಂದ ಈ ಎಲ್ಲ ಜಿಲ್ಲೆಗಳಲ್ಲಿ ಹೆಚ್ಚಿನ ಸಾಮರ್ಥ್ಯದ ವಿದ್ಯುತ್ ಪ್ರಸರಣ ಮಾರ್ಗಗಳ ನಿರ್ಮಾಣ ಕಾಮಗಾರಿ ವಿಳಂಬವಾಗಿದೆ. ಅರಣ್ಯ ಇಲಾಖೆಯ ಅನುಮತಿ ದೊರೆಯದ ಕಾರಣ 174 ಕಿ.ಮೀ. ಉದ್ದದ ಪ್ರಸರಣ ಮಾರ್ಗ ಬಾಕಿ ಉಳಿದಿದೆ. ಉತ್ತರ ಕನ್ನಡ ಜಿಲ್ಲೆಯ ಶಿರಸಿ-ಹಾವೇರಿ ವಿಭಾಗದಲ್ಲಿ 592 ಕಿ.ಮೀ. ಗೋಪ್ಯ ಪ್ರಸರಣ ಮಾರ್ಗ ಕಾರ್ಯ ಪೂರ್ಣಗೊಳ್ಳಬೇಕಿದೆ. ಇದರಿಂದ ವಿದ್ಯುತ್ ಸರಬರಾಜಿನಲ್ಲಿ ವ್ಯತ್ಯಯ ಉಂಟಾಗುತ್ತಿದ್ದು, ಇಲಾಖೆಗೆ ಅಂದಾಜು 1,200 ಕೋಟಿ ರೂ. ನಷ್ಟವಾಗಿದೆ. ನವೀಕರಿಸಬಹುದಾದ ಇಂಧನ ಮೂಲಗಳಿಂದ ಉತ್ಪಾದನೆಯಾದ ವಿದ್ಯುತ್ತನ್ನು ಗ್ರಿಡ್‌ಗೆ ಸೇರಿಸಲು ಸಾಧ್ಯವಾಗುತ್ತಿಲ್ಲ. ಸುಮಾರು 9.50 ಕಿ.ಮೀ. ವಿದ್ಯುತ್ ಮಾರ್ಗ ಕಾಮಗಾರಿ ಸ್ಥಗಿತಗೊಂಡಿದ್ದು, ಒಟ್ಟು 523 ಕಿ.ಮೀ. ವಿದ್ಯುತ್ ಮಾರ್ಗದಲ್ಲಿ ಕಾಮಗಾರಿ ಬಾಕಿ ಇದೆ ಎಂದು ಇಂಧನ ಸಚಿವರು ತಿಳಿಸಿದರು.
